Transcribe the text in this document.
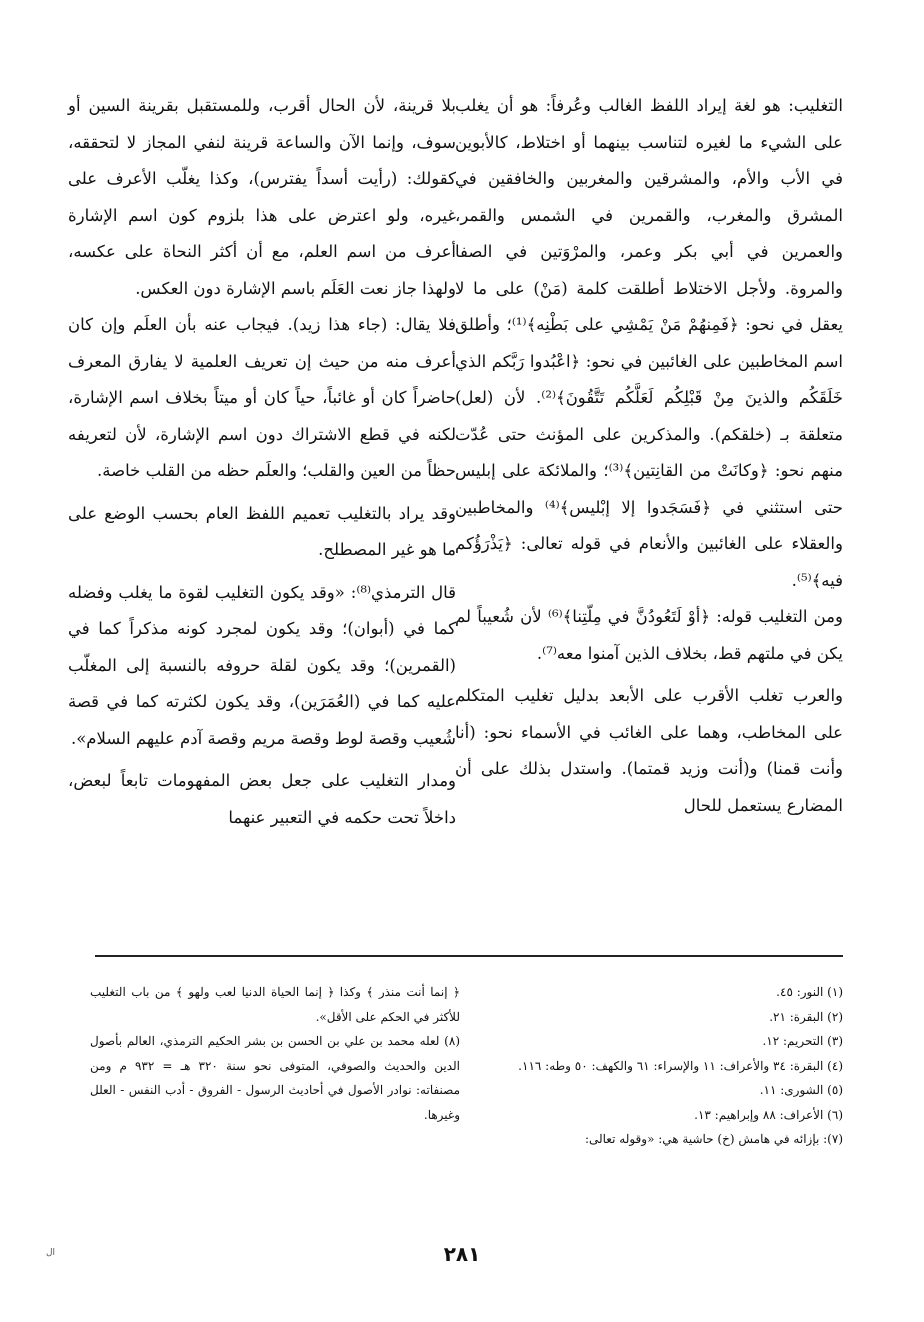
التغليب: هو لغة إيراد اللفظ الغالب وعُرفاً: هو أن يغلب على الشيء ما لغيره لتناسب بينهما أو اختلاط، كالأبوين في الأب والأم، والمشرقين والمغربين والخافقين في المشرق والمغرب، والقمرين في الشمس والقمر، والعمرين في أبي بكر وعمر، والمرْوَتين في الصفا والمروة. ولأجل الاختلاط أطلقت كلمة (مَنْ) على ما لا يعقل في نحو: ﴿فَمِنهُمْ مَنْ يَمْشِي على بَطْنِه﴾⁽¹⁾؛ وأطلق اسم المخاطبين على الغائبين في نحو: ﴿اعْبُدوا رَبَّكم الذي خَلَقَكُم والذينَ مِنْ قَبْلِكُم لَعَلَّكُم تَتَّقُونَ﴾⁽²⁾. لأن (لعل) متعلقة بـ (خلقكم). والمذكرين على المؤنث حتى عُدّت منهم نحو: ﴿وكانَتْ من القانِتين﴾⁽³⁾؛ والملائكة على إبليس حتى استثني في ﴿فَسَجَدوا إلا إبْليس﴾⁽⁴⁾ والمخاطبين والعقلاء على الغائبين والأنعام في قوله تعالى: ﴿يَذْرَؤُكم فيه﴾⁽⁵⁾.

ومن التغليب قوله: ﴿أوْ لَتَعُودُنَّ في مِلّتِنا﴾⁽⁶⁾ لأن شُعيباً لم يكن في ملتهم قط، بخلاف الذين آمنوا معه⁽⁷⁾.

والعرب تغلب الأقرب على الأبعد بدليل تغليب المتكلم على المخاطب، وهما على الغائب في الأسماء نحو: (أنا وأنت قمنا) و(أنت وزيد قمتما). واستدل بذلك على أن المضارع يستعمل للحال

بلا قرينة، لأن الحال أقرب، وللمستقبل بقرينة السين أو سوف، وإنما الآن والساعة قرينة لنفي المجاز لا لتحققه، كقولك: (رأيت أسداً يفترس)، وكذا يغلّب الأعرف على غيره، ولو اعترض على هذا بلزوم كون اسم الإشارة أعرف من اسم العلم، مع أن أكثر النحاة على عكسه، ولهذا جاز نعت العَلَم باسم الإشارة دون العكس.

فلا يقال: (جاء هذا زيد). فيجاب عنه بأن العلَم وإن كان أعرف منه من حيث إن تعريف العلمية لا يفارق المعرف حاضراً كان أو غائباً، حياً كان أو ميتاً بخلاف اسم الإشارة، لكنه في قطع الاشتراك دون اسم الإشارة، لأن لتعريفه حظاً من العين والقلب؛ والعلَم حظه من القلب خاصة.

وقد يراد بالتغليب تعميم اللفظ العام بحسب الوضع على ما هو غير المصطلح.

قال الترمذي⁽⁸⁾: «وقد يكون التغليب لقوة ما يغلب وفضله كما في (أبوان)؛ وقد يكون لمجرد كونه مذكراً كما في (القمرين)؛ وقد يكون لقلة حروفه بالنسبة إلى المغلّب عليه كما في (العُمَرَين)، وقد يكون لكثرته كما في قصة شُعيب وقصة لوط وقصة مريم وقصة آدم عليهم السلام».

ومدار التغليب على جعل بعض المفهومات تابعاً لبعض، داخلاً تحت حكمه في التعبير عنهما

(١) النور: ٤٥.

(٢) البقرة: ٢١.

(٣) التحريم: ١٢.

(٤) البقرة: ٣٤ والأعراف: ١١ والإسراء: ٦١ والكهف: ٥٠ وطه: ١١٦.

(٥) الشورى: ١١.

(٦) الأعراف: ٨٨ وإبراهيم: ١٣.

(٧): بإزائه في هامش (خ) حاشية هي: «وقوله تعالى:

﴿ إنما أنت منذر ﴾ وكذا ﴿ إنما الحياة الدنيا لعب ولهو ﴾ من باب التغليب للأكثر في الحكم على الأقل».

(٨) لعله محمد بن علي بن الحسن بن بشر الحكيم الترمذي، العالم بأصول الدين والحديث والصوفي، المتوفى نحو سنة ٣٢٠ هـ = ٩٣٢ م ومن مصنفاته: نوادر الأصول في أحاديث الرسول - الفروق - أدب النفس - العلل وغيرها.

٢٨١
ال
